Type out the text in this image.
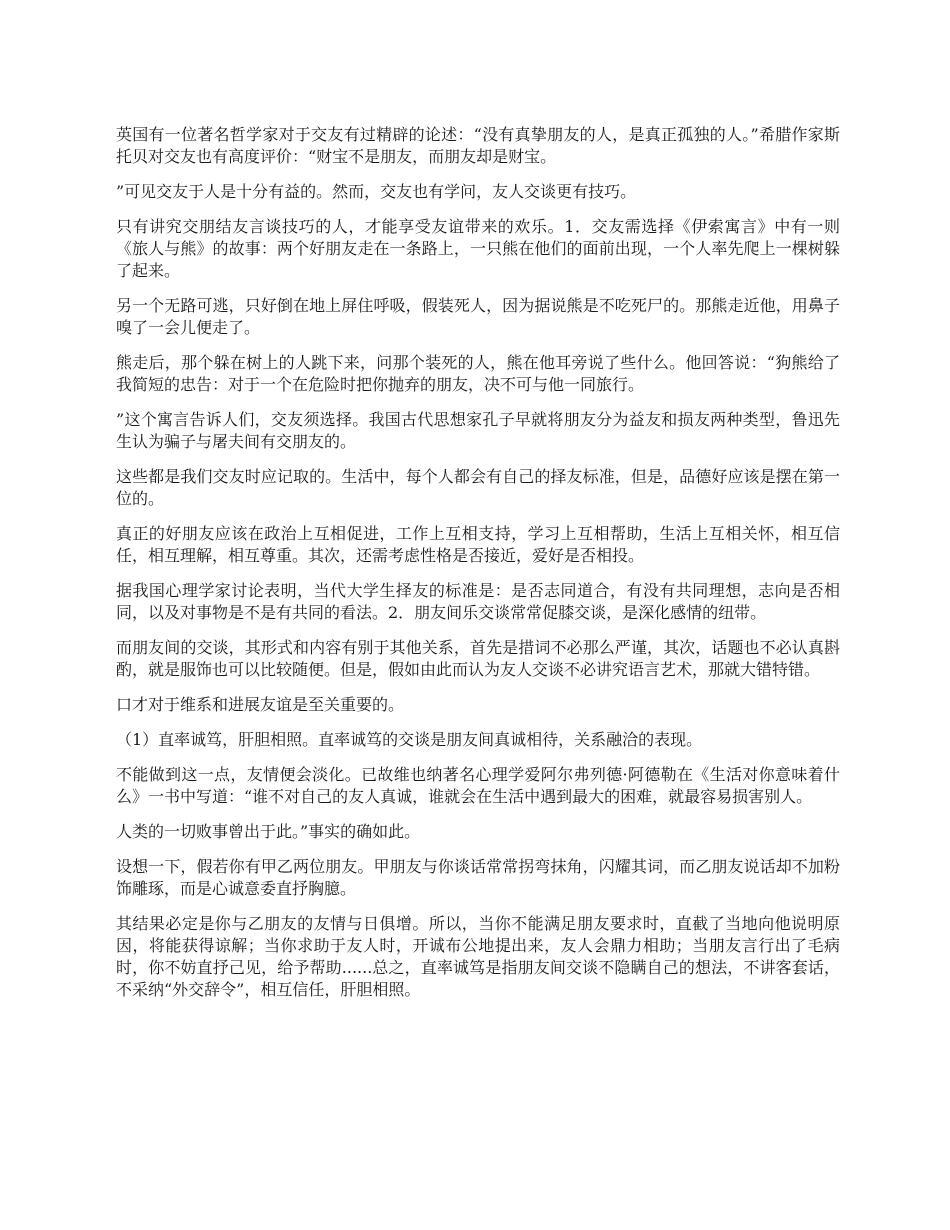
英国有一位著名哲学家对于交友有过精辟的论述：“没有真挚朋友的人，是真正孤独的人。”希腊作家斯托贝对交友也有高度评价：“财宝不是朋友，而朋友却是财宝。

”可见交友于人是十分有益的。然而，交友也有学问，友人交谈更有技巧。

只有讲究交朋结友言谈技巧的人，才能享受友谊带来的欢乐。1．交友需选择《伊索寓言》中有一则《旅人与熊》的故事：两个好朋友走在一条路上，一只熊在他们的面前出现，一个人率先爬上一棵树躲了起来。

另一个无路可逃，只好倒在地上屏住呼吸，假装死人，因为据说熊是不吃死尸的。那熊走近他，用鼻子嗅了一会儿便走了。

熊走后，那个躲在树上的人跳下来，问那个装死的人，熊在他耳旁说了些什么。他回答说：“狗熊给了我简短的忠告：对于一个在危险时把你抛弃的朋友，决不可与他一同旅行。

”这个寓言告诉人们，交友须选择。我国古代思想家孔子早就将朋友分为益友和损友两种类型，鲁迅先生认为骗子与屠夫间有交朋友的。

这些都是我们交友时应记取的。生活中，每个人都会有自己的择友标准，但是，品德好应该是摆在第一位的。

真正的好朋友应该在政治上互相促进，工作上互相支持，学习上互相帮助，生活上互相关怀，相互信任，相互理解，相互尊重。其次，还需考虑性格是否接近，爱好是否相投。

据我国心理学家讨论表明，当代大学生择友的标准是：是否志同道合，有没有共同理想，志向是否相同，以及对事物是不是有共同的看法。2．朋友间乐交谈常常促膝交谈，是深化感情的纽带。

而朋友间的交谈，其形式和内容有别于其他关系，首先是措词不必那么严谨，其次，话题也不必认真斟酌，就是服饰也可以比较随便。但是，假如由此而认为友人交谈不必讲究语言艺术，那就大错特错。

口才对于维系和进展友谊是至关重要的。

（1）直率诚笃，肝胆相照。直率诚笃的交谈是朋友间真诚相待，关系融洽的表现。

不能做到这一点，友情便会淡化。已故维也纳著名心理学爱阿尔弗列德·阿德勒在《生活对你意味着什么》一书中写道：“谁不对自己的友人真诚，谁就会在生活中遇到最大的困难，就最容易损害别人。

人类的一切败事曾出于此。”事实的确如此。

设想一下，假若你有甲乙两位朋友。甲朋友与你谈话常常拐弯抹角，闪耀其词，而乙朋友说话却不加粉饰雕琢，而是心诚意委直抒胸臆。

其结果必定是你与乙朋友的友情与日俱增。所以，当你不能满足朋友要求时，直截了当地向他说明原因，将能获得谅解；当你求助于友人时，开诚布公地提出来，友人会鼎力相助；当朋友言行出了毛病时，你不妨直抒己见，给予帮助......总之，直率诚笃是指朋友间交谈不隐瞒自己的想法，不讲客套话，不采纳“外交辞令”，相互信任，肝胆相照。
